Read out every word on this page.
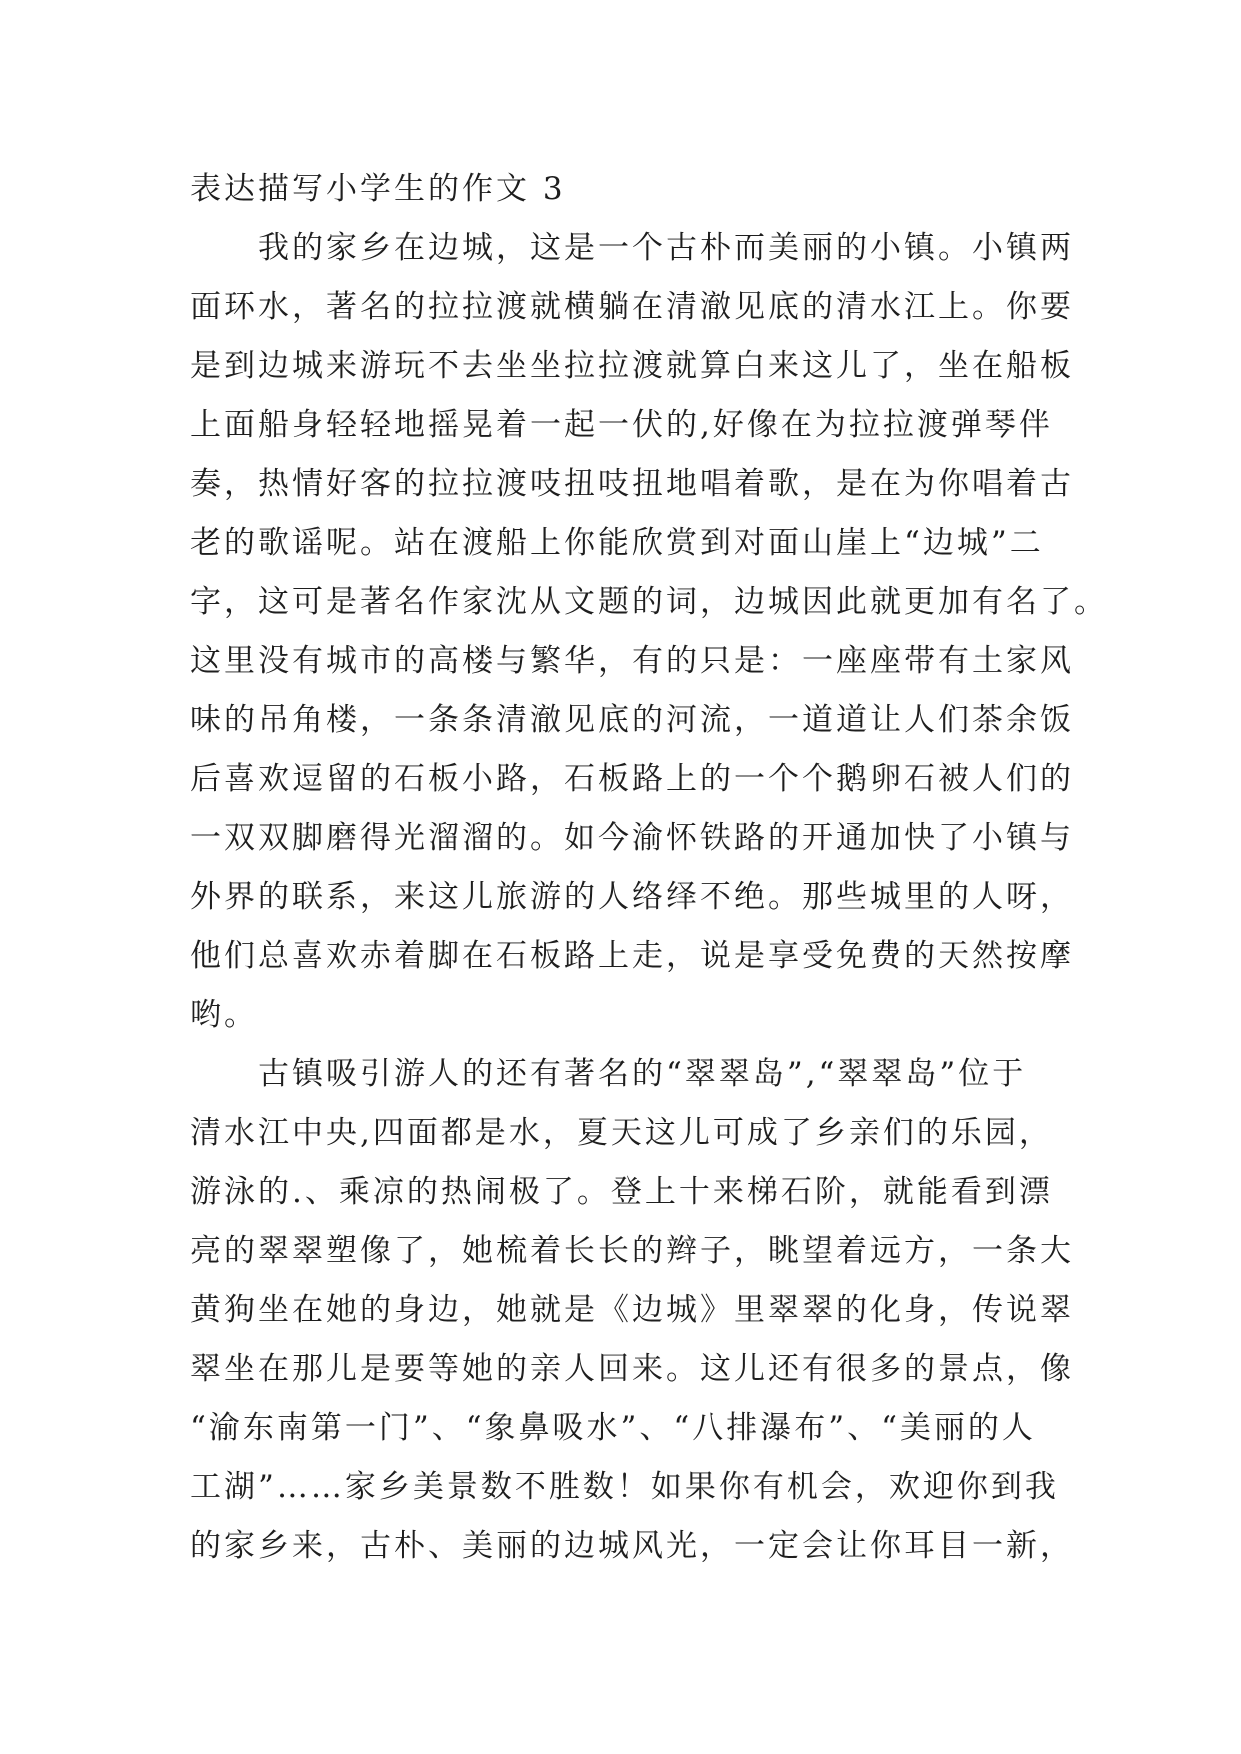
表达描写小学生的作文 3
我的家乡在边城，这是一个古朴而美丽的小镇。小镇两
面环水，著名的拉拉渡就横躺在清澈见底的清水江上。你要
是到边城来游玩不去坐坐拉拉渡就算白来这儿了，坐在船板
上面船身轻轻地摇晃着一起一伏的,好像在为拉拉渡弹琴伴
奏，热情好客的拉拉渡吱扭吱扭地唱着歌，是在为你唱着古
老的歌谣呢。站在渡船上你能欣赏到对面山崖上“边城”二
字，这可是著名作家沈从文题的词，边城因此就更加有名了。
这里没有城市的高楼与繁华，有的只是：一座座带有土家风
味的吊角楼，一条条清澈见底的河流，一道道让人们茶余饭
后喜欢逗留的石板小路，石板路上的一个个鹅卵石被人们的
一双双脚磨得光溜溜的。如今渝怀铁路的开通加快了小镇与
外界的联系，来这儿旅游的人络绎不绝。那些城里的人呀，
他们总喜欢赤着脚在石板路上走，说是享受免费的天然按摩
哟。
古镇吸引游人的还有著名的“翠翠岛”,“翠翠岛”位于
清水江中央,四面都是水，夏天这儿可成了乡亲们的乐园，
游泳的.、乘凉的热闹极了。登上十来梯石阶，就能看到漂
亮的翠翠塑像了，她梳着长长的辫子，眺望着远方，一条大
黄狗坐在她的身边，她就是《边城》里翠翠的化身，传说翠
翠坐在那儿是要等她的亲人回来。这儿还有很多的景点，像
“渝东南第一门”、“象鼻吸水”、“八排瀑布”、“美丽的人
工湖”……家乡美景数不胜数！如果你有机会，欢迎你到我
的家乡来，古朴、美丽的边城风光，一定会让你耳目一新，
